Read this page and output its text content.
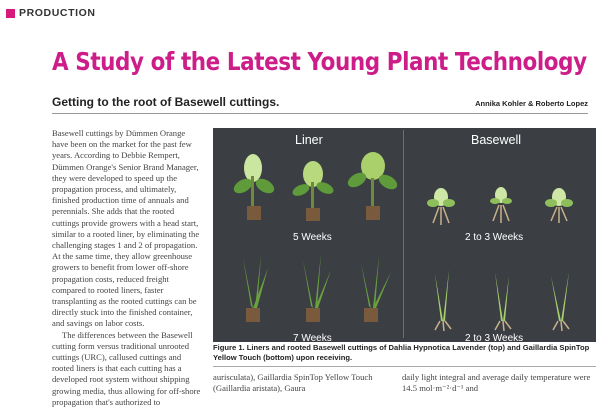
PRODUCTION
A Study of the Latest Young Plant Technology
Getting to the root of Basewell cuttings.	Annika Kohler & Roberto Lopez

Basewell cuttings by Dümmen Orange have been on the market for the past few years. According to Debbie Rempert, Dümmen Orange's Senior Brand Manager, they were developed to speed up the propagation process, and ultimately, finished production time of annuals and perennials. She adds that the rooted cuttings provide growers with a head start, similar to a rooted liner, by eliminating the challenging stages 1 and 2 of propagation. At the same time, they allow greenhouse growers to benefit from lower off-shore propagation costs, reduced freight compared to rooted liners, faster transplanting as the rooted cuttings can be directly stuck into the finished container, and savings on labor costs.

The differences between the Basewell cutting form versus traditional unrooted cuttings (URC), callused cuttings and rooted liners is that each cutting has a developed root system without shipping growing media, thus allowing for off-shore propagation that's authorized to

Liner	Basewell
5 Weeks
7 Weeks
2 to 3 Weeks
2 to 3 Weeks
Figure 1. Liners and rooted Basewell cuttings of Dahlia Hypnotica Lavender (top) and Gaillardia SpinTop Yellow Touch (bottom) upon receiving.
aurisculata), Gaillardia SpinTop Yellow Touch (Gaillardia aristata), Gaura
daily light integral and average daily temperature were 14.5 mol·m⁻²·d⁻¹ and
